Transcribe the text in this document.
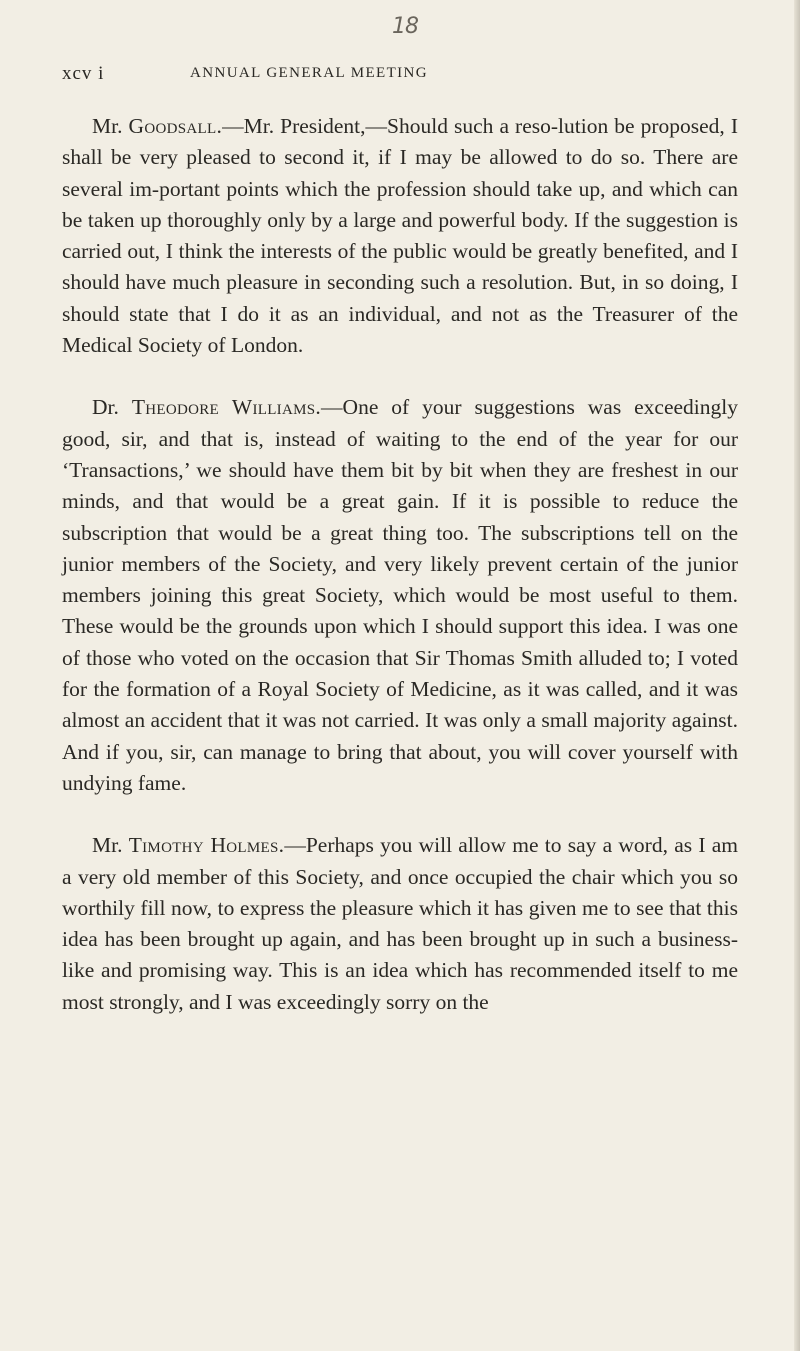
18
xcv i	ANNUAL GENERAL MEETING

Mr. Goodsall.—Mr. President,—Should such a reso-lution be proposed, I shall be very pleased to second it, if I may be allowed to do so. There are several im-portant points which the profession should take up, and which can be taken up thoroughly only by a large and powerful body. If the suggestion is carried out, I think the interests of the public would be greatly benefited, and I should have much pleasure in seconding such a resolution. But, in so doing, I should state that I do it as an individual, and not as the Treasurer of the Medical Society of London.

Dr. Theodore Williams.—One of your suggestions was exceedingly good, sir, and that is, instead of waiting to the end of the year for our ‘Transactions,’ we should have them bit by bit when they are freshest in our minds, and that would be a great gain. If it is possible to reduce the subscription that would be a great thing too. The subscriptions tell on the junior members of the Society, and very likely prevent certain of the junior members joining this great Society, which would be most useful to them. These would be the grounds upon which I should support this idea. I was one of those who voted on the occasion that Sir Thomas Smith alluded to; I voted for the formation of a Royal Society of Medicine, as it was called, and it was almost an accident that it was not carried. It was only a small majority against. And if you, sir, can manage to bring that about, you will cover yourself with undying fame.

Mr. Timothy Holmes.—Perhaps you will allow me to say a word, as I am a very old member of this Society, and once occupied the chair which you so worthily fill now, to express the pleasure which it has given me to see that this idea has been brought up again, and has been brought up in such a business-like and promising way. This is an idea which has recommended itself to me most strongly, and I was exceedingly sorry on the
